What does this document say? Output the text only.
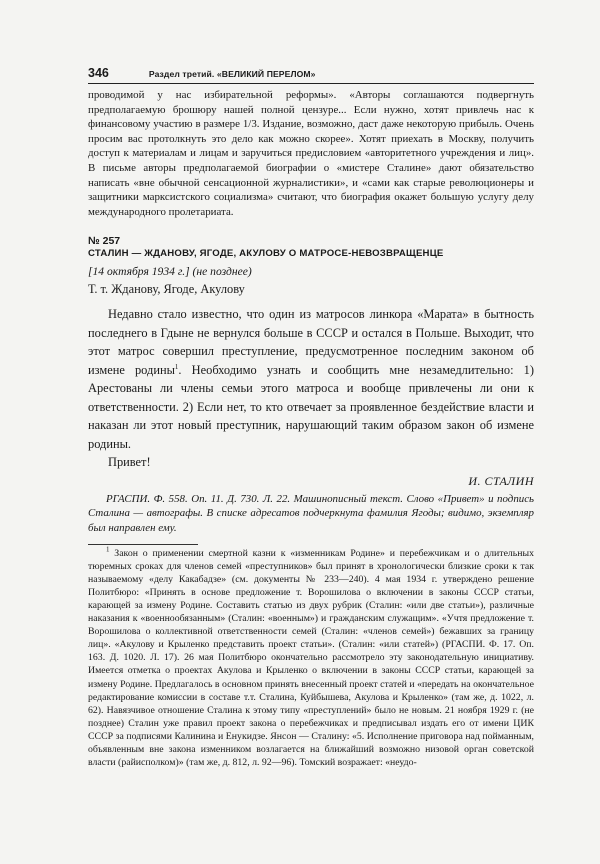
346	Раздел третий. «ВЕЛИКИЙ ПЕРЕЛОМ»

проводимой у нас избирательной реформы». «Авторы соглашаются подвергнуть предполагаемую брошюру нашей полной цензуре... Если нужно, хотят привлечь нас к финансовому участию в размере 1/3. Издание, возможно, даст даже некоторую прибыль. Очень просим вас протолкнуть это дело как можно скорее». Хотят приехать в Москву, получить доступ к материалам и лицам и заручиться предисловием «авторитетного учреждения и лиц». В письме авторы предполагаемой биографии о «мистере Сталине» дают обязательство написать «вне обычной сенсационной журналистики», и «сами как старые революционеры и защитники марксистского социализма» считают, что биография окажет большую услугу делу международного пролетариата.

№ 257
СТАЛИН — ЖДАНОВУ, ЯГОДЕ, АКУЛОВУ О МАТРОСЕ-НЕВОЗВРАЩЕНЦЕ
[14 октября 1934 г.] (не позднее)
Т. т. Жданову, Ягоде, Акулову

Недавно стало известно, что один из матросов линкора «Марата» в бытность последнего в Гдыне не вернулся больше в СССР и остался в Польше. Выходит, что этот матрос совершил преступление, предусмотренное последним законом об измене родины$^1$. Необходимо узнать и сообщить мне незамедлительно: 1) Арестованы ли члены семьи этого матроса и вообще привлечены ли они к ответственности. 2) Если нет, то кто отвечает за проявленное бездействие власти и наказан ли этот новый преступник, нарушающий таким образом закон об измене родины.

Привет!

И. СТАЛИН

РГАСПИ. Ф. 558. Оп. 11. Д. 730. Л. 22. Машинописный текст. Слово «Привет» и подпись Сталина — автографы. В списке адресатов подчеркнута фамилия Ягоды; видимо, экземпляр был направлен ему.

$^1$ Закон о применении смертной казни к «изменникам Родине» и перебежчикам и о длительных тюремных сроках для членов семей «преступников» был принят в хронологически близкие сроки к так называемому «делу Какабадзе» (см. документы № 233—240). 4 мая 1934 г. утверждено решение Политбюро: «Принять в основе предложение т. Ворошилова о включении в законы СССР статьи, карающей за измену Родине. Составить статью из двух рубрик (Сталин: «или две статьи»), различные наказания к «военнообязанным» (Сталин: «военным») и гражданским служащим». «Учтя предложение т. Ворошилова о коллективной ответственности семей (Сталин: «членов семей») бежавших за границу лиц». «Акулову и Крыленко представить проект статьи». (Сталин: «или статей») (РГАСПИ. Ф. 17. Оп. 163. Д. 1020. Л. 17). 26 мая Политбюро окончательно рассмотрело эту законодательную инициативу. Имеется отметка о проектах Акулова и Крыленко о включении в законы СССР статьи, карающей за измену Родине. Предлагалось в основном принять внесенный проект статей и «передать на окончательное редактирование комиссии в составе т.т. Сталина, Куйбышева, Акулова и Крыленко» (там же, д. 1022, л. 62). Навязчивое отношение Сталина к этому типу «преступлений» было не новым. 21 ноября 1929 г. (не позднее) Сталин уже правил проект закона о перебежчиках и предписывал издать его от имени ЦИК СССР за подписями Калинина и Енукидзе. Янсон — Сталину: «5. Исполнение приговора над пойманным, объявленным вне закона изменником возлагается на ближайший возможно низовой орган советской власти (райисполком)» (там же, д. 812, л. 92—96). Томский возражает: «неудо-
